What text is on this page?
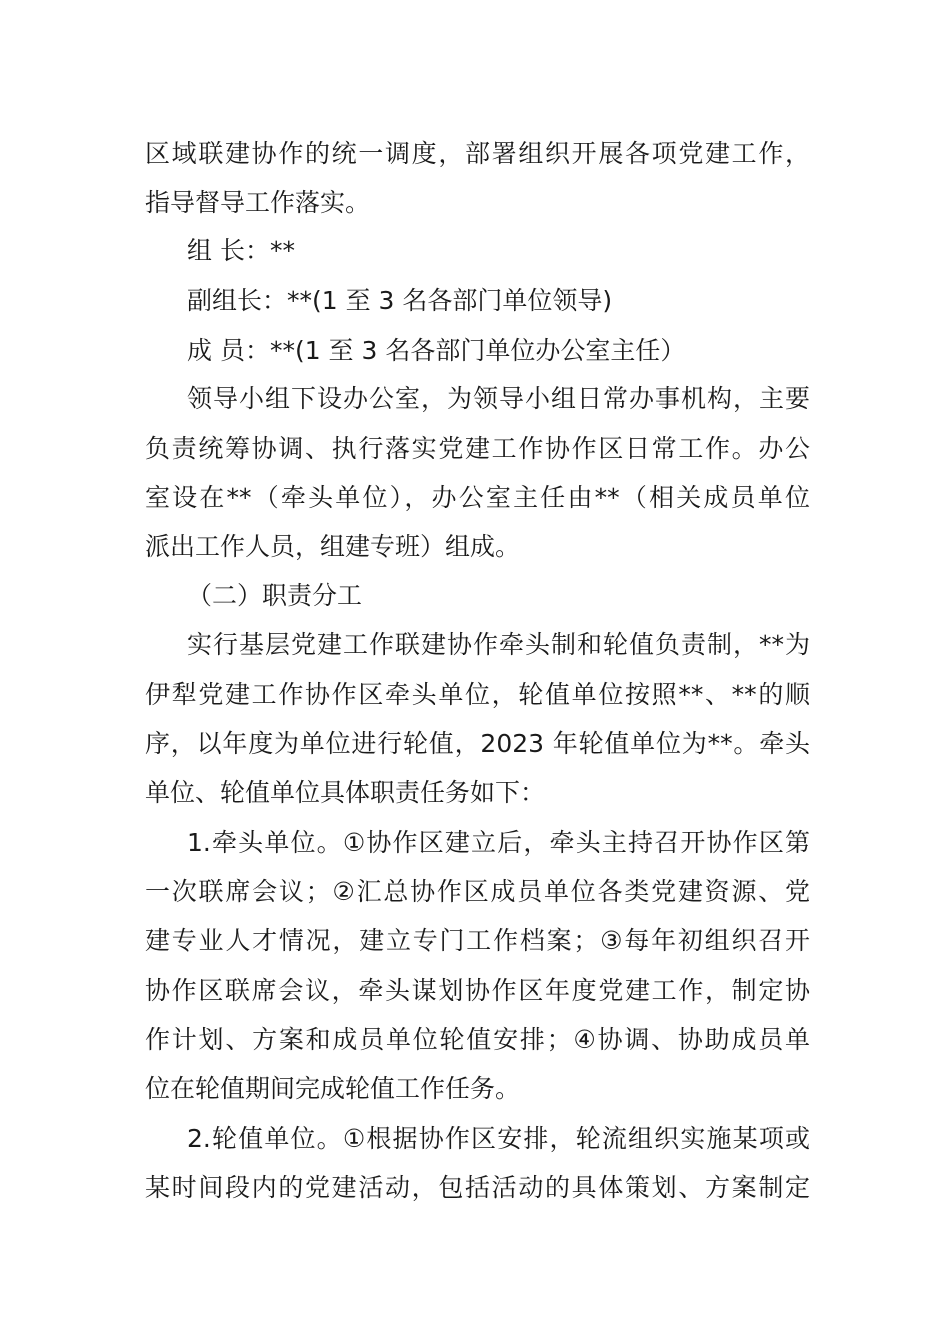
区域联建协作的统一调度，部署组织开展各项党建工作，
指导督导工作落实。
组 长：**
副组长：**(1 至 3 名各部门单位领导)
成 员：**(1 至 3 名各部门单位办公室主任）
领导小组下设办公室，为领导小组日常办事机构，主要
负责统筹协调、执行落实党建工作协作区日常工作。办公
室设在**（牵头单位），办公室主任由**（相关成员单位
派出工作人员，组建专班）组成。
（二）职责分工
实行基层党建工作联建协作牵头制和轮值负责制，**为
伊犁党建工作协作区牵头单位，轮值单位按照**、**的顺
序，以年度为单位进行轮值，2023 年轮值单位为**。牵头
单位、轮值单位具体职责任务如下：
1.牵头单位。①协作区建立后，牵头主持召开协作区第
一次联席会议；②汇总协作区成员单位各类党建资源、党
建专业人才情况，建立专门工作档案；③每年初组织召开
协作区联席会议，牵头谋划协作区年度党建工作，制定协
作计划、方案和成员单位轮值安排；④协调、协助成员单
位在轮值期间完成轮值工作任务。
2.轮值单位。①根据协作区安排，轮流组织实施某项或
某时间段内的党建活动，包括活动的具体策划、方案制定
